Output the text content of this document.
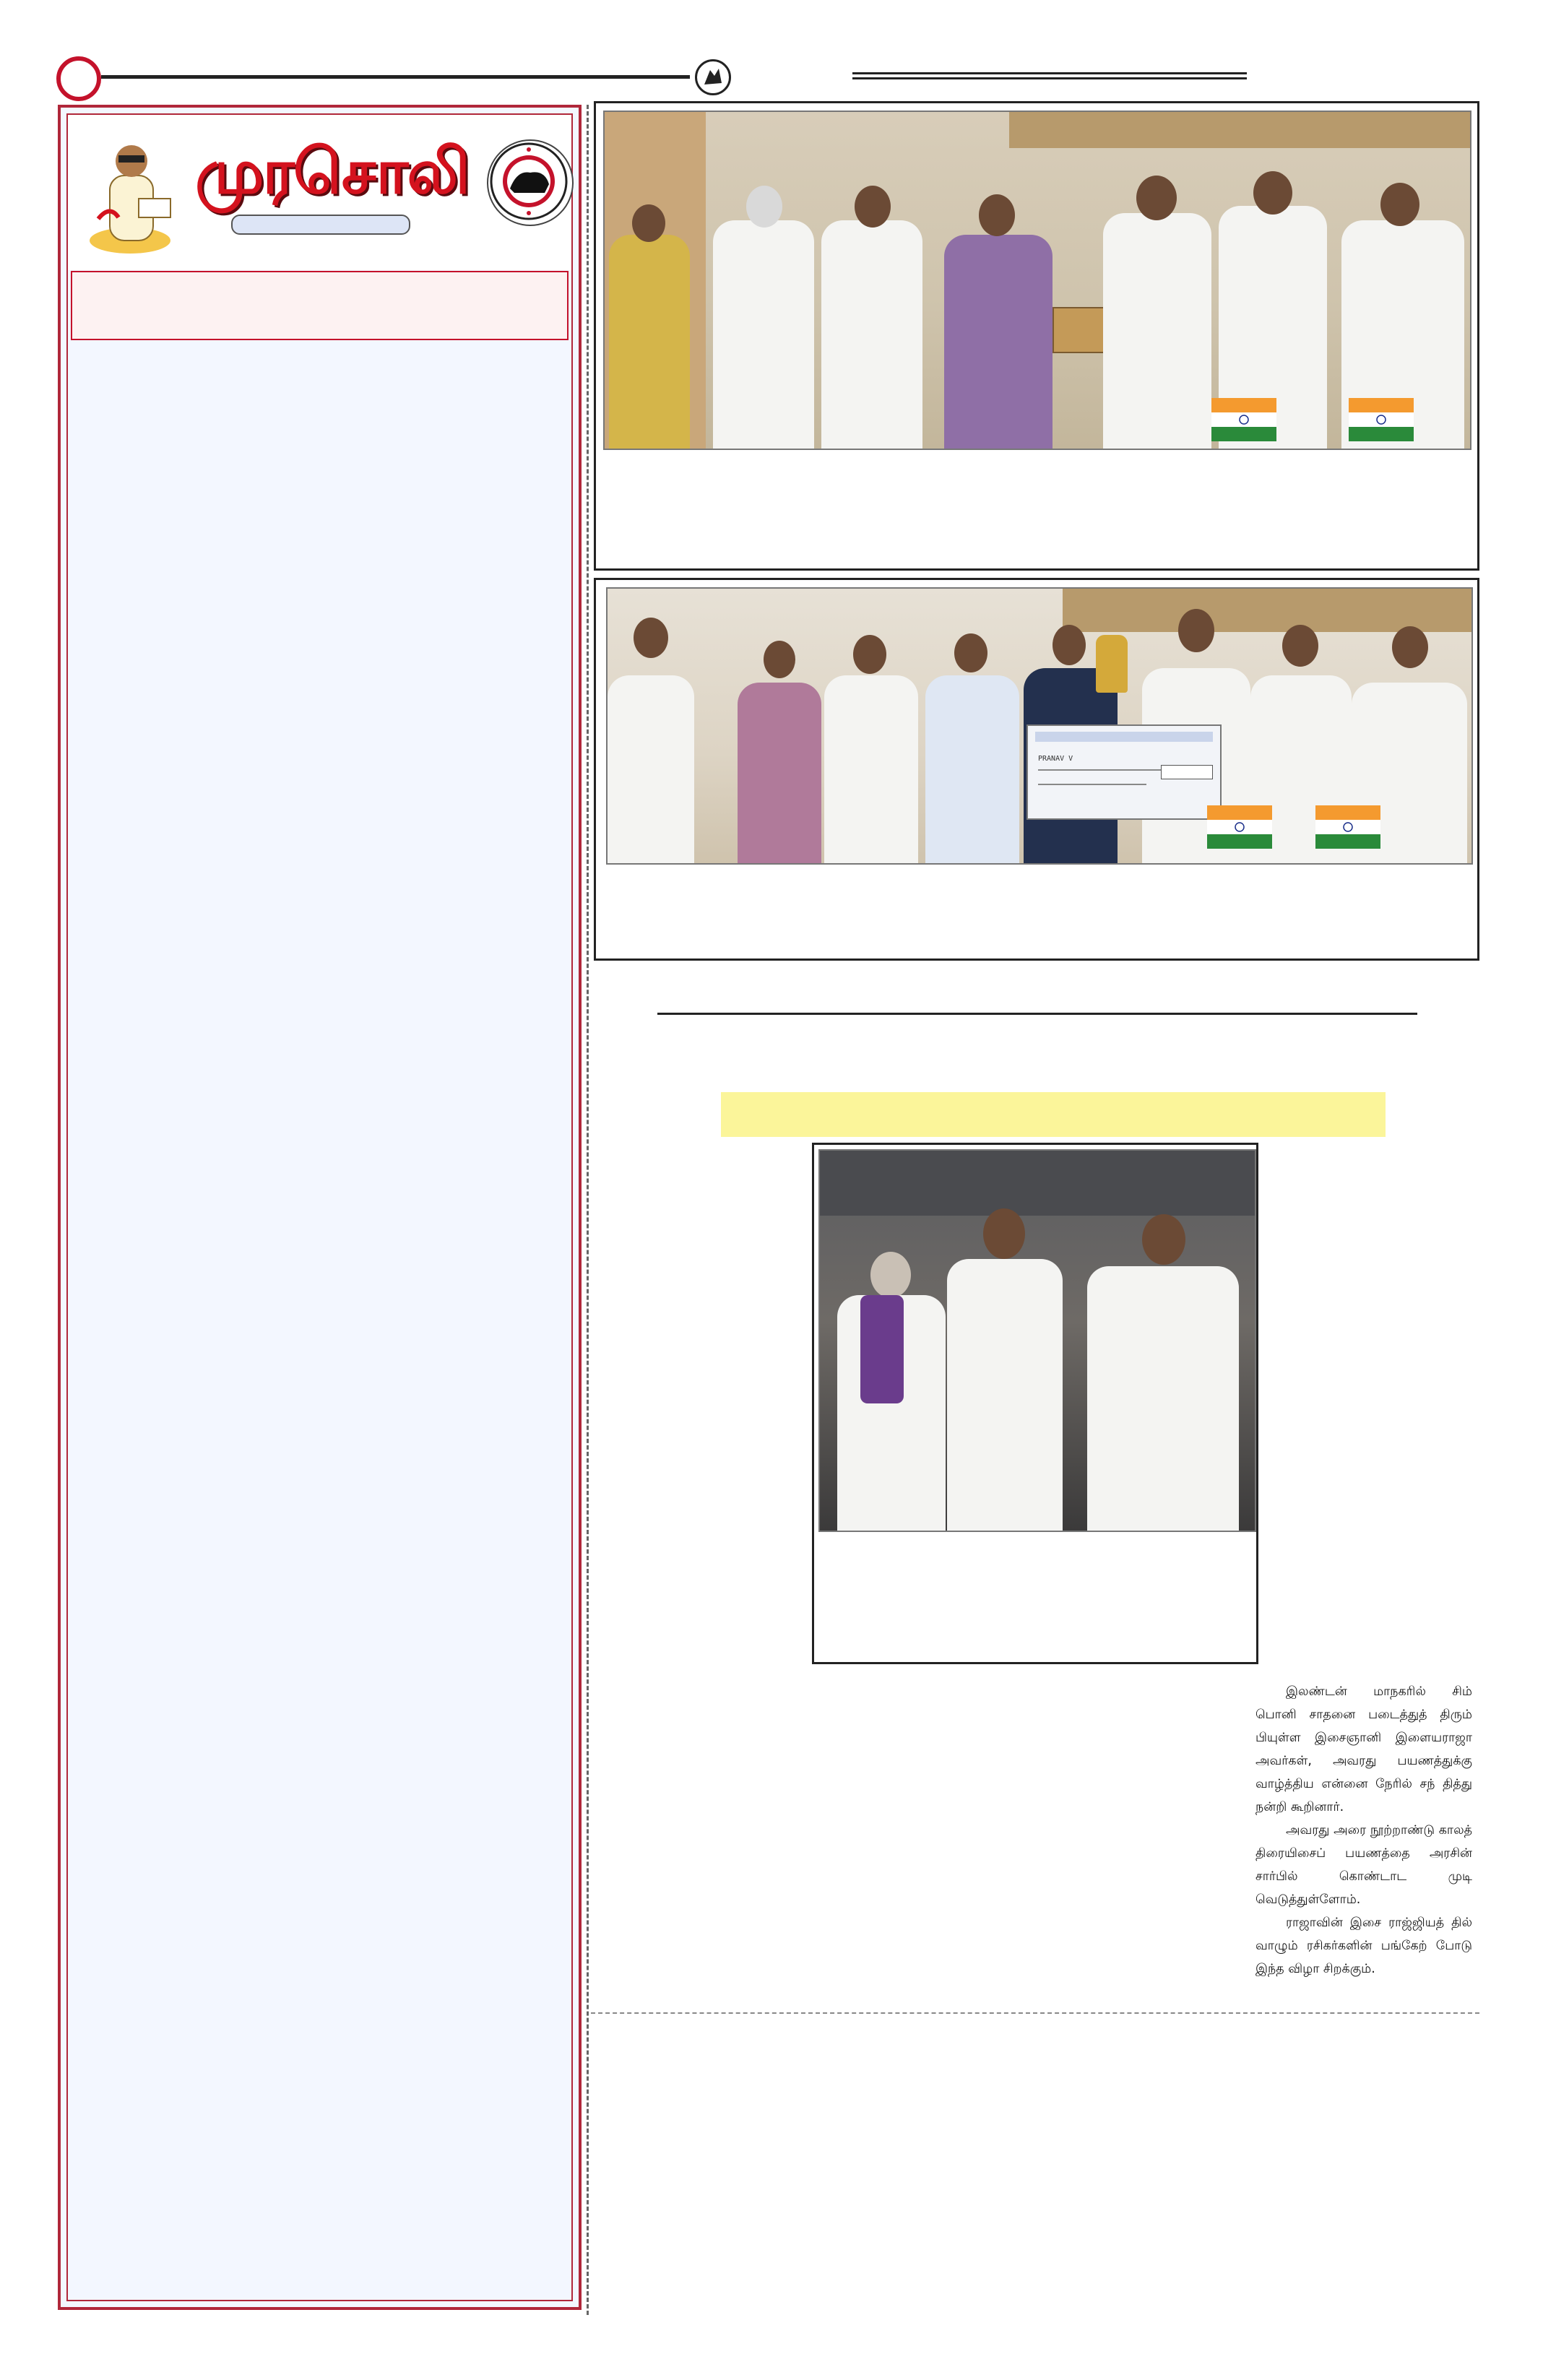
முரசொலி
PRANAV V

இலண்டன் மாநகரில் சிம் பொனி சாதனை படைத்துத் திரும் பியுள்ள இசைஞானி இளையராஜா அவர்கள், அவரது பயணத்துக்கு வாழ்த்திய என்னை நேரில் சந் தித்து நன்றி கூறினார்.

அவரது அரை நூற்றாண்டு காலத் திரையிசைப் பயணத்தை அரசின் சார்பில் கொண்டாட முடி வெடுத்துள்ளோம்.

ராஜாவின் இசை ராஜ்ஜியத் தில் வாழும் ரசிகர்களின் பங்கேற் போடு இந்த விழா சிறக்கும்.
